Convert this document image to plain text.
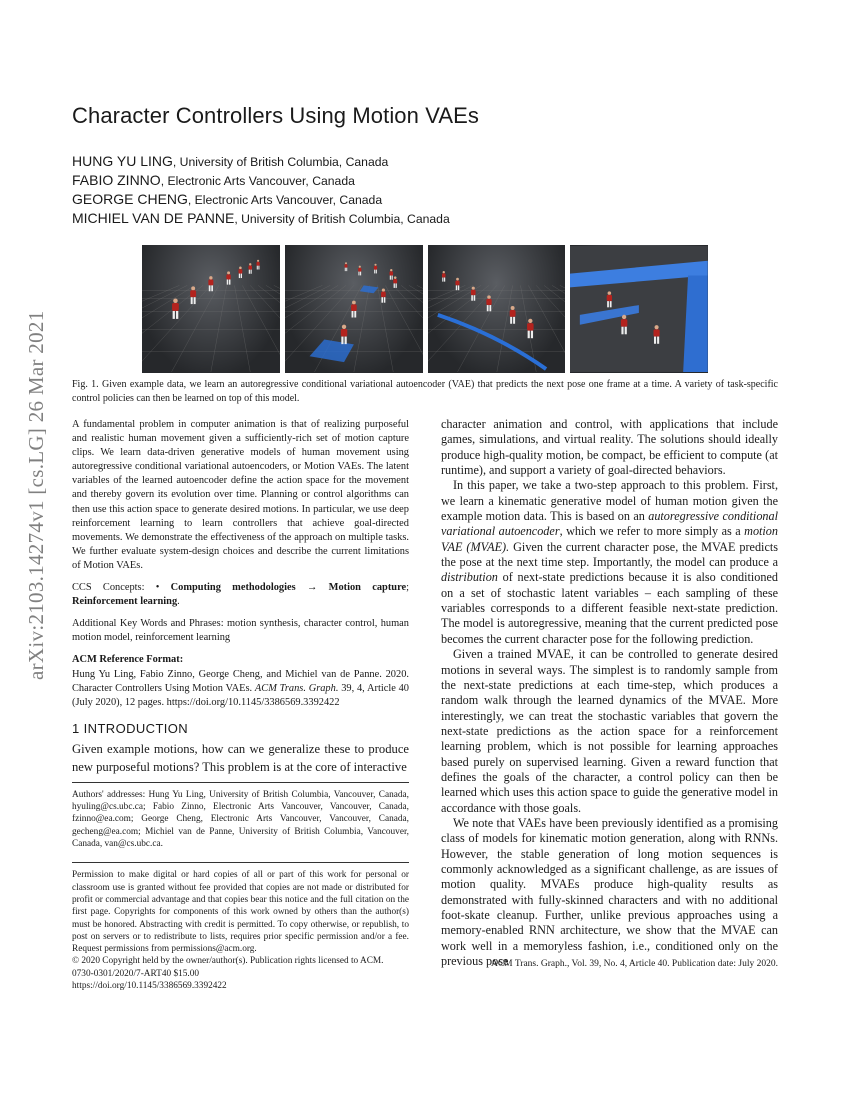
arXiv:2103.14274v1 [cs.LG] 26 Mar 2021
Character Controllers Using Motion VAEs
HUNG YU LING, University of British Columbia, Canada
FABIO ZINNO, Electronic Arts Vancouver, Canada
GEORGE CHENG, Electronic Arts Vancouver, Canada
MICHIEL VAN DE PANNE, University of British Columbia, Canada
Fig. 1. Given example data, we learn an autoregressive conditional variational autoencoder (VAE) that predicts the next pose one frame at a time. A variety of task-specific control policies can then be learned on top of this model.

A fundamental problem in computer animation is that of realizing purposeful and realistic human movement given a sufficiently-rich set of motion capture clips. We learn data-driven generative models of human movement using autoregressive conditional variational autoencoders, or Motion VAEs. The latent variables of the learned autoencoder define the action space for the movement and thereby govern its evolution over time. Planning or control algorithms can then use this action space to generate desired motions. In particular, we use deep reinforcement learning to learn controllers that achieve goal-directed movements. We demonstrate the effectiveness of the approach on multiple tasks. We further evaluate system-design choices and describe the current limitations of Motion VAEs.

CCS Concepts: • Computing methodologies → Motion capture; Reinforcement learning.

Additional Key Words and Phrases: motion synthesis, character control, human motion model, reinforcement learning

ACM Reference Format:

Hung Yu Ling, Fabio Zinno, George Cheng, and Michiel van de Panne. 2020. Character Controllers Using Motion VAEs. ACM Trans. Graph. 39, 4, Article 40 (July 2020), 12 pages. https://doi.org/10.1145/3386569.3392422

1 INTRODUCTION

Given example motions, how can we generalize these to produce new purposeful motions? This problem is at the core of interactive

Authors' addresses: Hung Yu Ling, University of British Columbia, Vancouver, Canada, hyuling@cs.ubc.ca; Fabio Zinno, Electronic Arts Vancouver, Vancouver, Canada, fzinno@ea.com; George Cheng, Electronic Arts Vancouver, Vancouver, Canada, gecheng@ea.com; Michiel van de Panne, University of British Columbia, Vancouver, Canada, van@cs.ubc.ca.

Permission to make digital or hard copies of all or part of this work for personal or classroom use is granted without fee provided that copies are not made or distributed for profit or commercial advantage and that copies bear this notice and the full citation on the first page. Copyrights for components of this work owned by others than the author(s) must be honored. Abstracting with credit is permitted. To copy otherwise, or republish, to post on servers or to redistribute to lists, requires prior specific permission and/or a fee. Request permissions from permissions@acm.org.

© 2020 Copyright held by the owner/author(s). Publication rights licensed to ACM.

0730-0301/2020/7-ART40 $15.00

https://doi.org/10.1145/3386569.3392422

character animation and control, with applications that include games, simulations, and virtual reality. The solutions should ideally produce high-quality motion, be compact, be efficient to compute (at runtime), and support a variety of goal-directed behaviors.

In this paper, we take a two-step approach to this problem. First, we learn a kinematic generative model of human motion given the example motion data. This is based on an autoregressive conditional variational autoencoder, which we refer to more simply as a motion VAE (MVAE). Given the current character pose, the MVAE predicts the pose at the next time step. Importantly, the model can produce a distribution of next-state predictions because it is also conditioned on a set of stochastic latent variables – each sampling of these variables corresponds to a different feasible next-state prediction. The model is autoregressive, meaning that the current predicted pose becomes the current character pose for the following prediction.

Given a trained MVAE, it can be controlled to generate desired motions in several ways. The simplest is to randomly sample from the next-state predictions at each time-step, which produces a random walk through the learned dynamics of the MVAE. More interestingly, we can treat the stochastic variables that govern the next-state predictions as the action space for a reinforcement learning problem, which is not possible for learning approaches based purely on supervised learning. Given a reward function that defines the goals of the character, a control policy can then be learned which uses this action space to guide the generative model in accordance with those goals.

We note that VAEs have been previously identified as a promising class of models for kinematic motion generation, along with RNNs. However, the stable generation of long motion sequences is commonly acknowledged as a significant challenge, as are issues of motion quality. MVAEs produce high-quality results as demonstrated with fully-skinned characters and with no additional foot-skate cleanup. Further, unlike previous approaches using a memory-enabled RNN architecture, we show that the MVAE can work well in a memoryless fashion, i.e., conditioned only on the previous pose

ACM Trans. Graph., Vol. 39, No. 4, Article 40. Publication date: July 2020.
